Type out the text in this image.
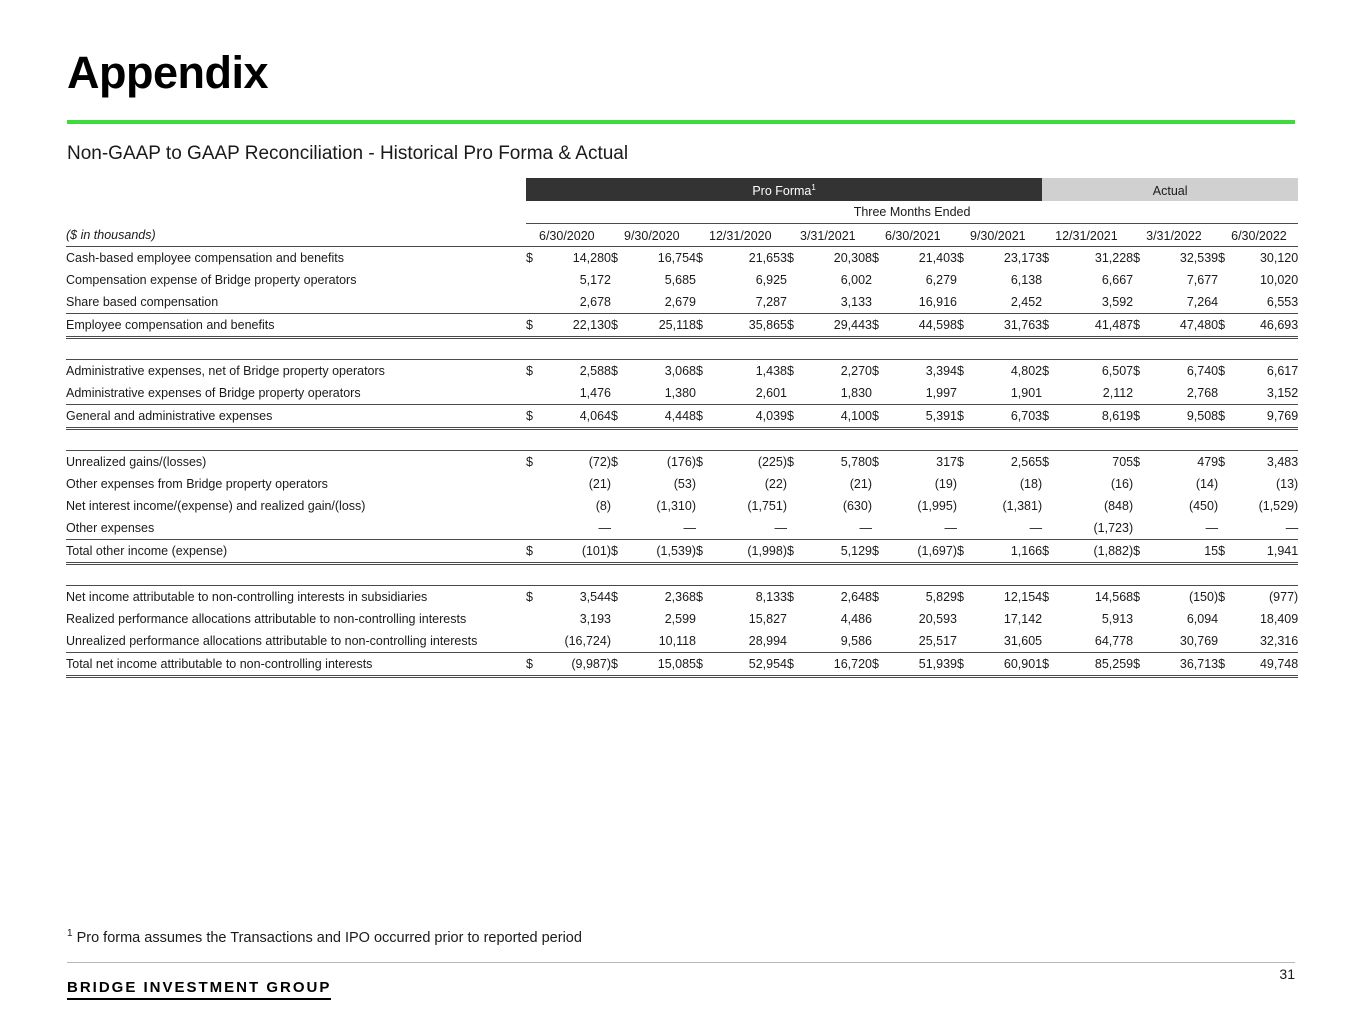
Appendix
Non-GAAP to GAAP Reconciliation - Historical Pro Forma & Actual
	Pro Forma$^1$												Actual					
	Three Months Ended																	
($ in thousands)		6/30/2020		9/30/2020		12/31/2020		3/31/2021		6/30/2021		9/30/2021		12/31/2021		3/31/2022		6/30/2022
Cash-based employee compensation and benefits	$	14,280	$	16,754	$	21,653	$	20,308	$	21,403	$	23,173	$	31,228	$	32,539	$	30,120
Compensation expense of Bridge property operators		5,172		5,685		6,925		6,002		6,279		6,138		6,667		7,677		10,020
Share based compensation		2,678		2,679		7,287		3,133		16,916		2,452		3,592		7,264		6,553
Employee compensation and benefits	$	22,130	$	25,118	$	35,865	$	29,443	$	44,598	$	31,763	$	41,487	$	47,480	$	46,693

Administrative expenses, net of Bridge property operators	$	2,588	$	3,068	$	1,438	$	2,270	$	3,394	$	4,802	$	6,507	$	6,740	$	6,617
Administrative expenses of Bridge property operators		1,476		1,380		2,601		1,830		1,997		1,901		2,112		2,768		3,152
General and administrative expenses	$	4,064	$	4,448	$	4,039	$	4,100	$	5,391	$	6,703	$	8,619	$	9,508	$	9,769

Unrealized gains/(losses)	$	(72)	$	(176)	$	(225)	$	5,780	$	317	$	2,565	$	705	$	479	$	3,483
Other expenses from Bridge property operators		(21)		(53)		(22)		(21)		(19)		(18)		(16)		(14)		(13)
Net interest income/(expense) and realized gain/(loss)		(8)		(1,310)		(1,751)		(630)		(1,995)		(1,381)		(848)		(450)		(1,529)
Other expenses		—		—		—		—		—		—		(1,723)		—		—
Total other income (expense)	$	(101)	$	(1,539)	$	(1,998)	$	5,129	$	(1,697)	$	1,166	$	(1,882)	$	15	$	1,941

Net income attributable to non-controlling interests in subsidiaries	$	3,544	$	2,368	$	8,133	$	2,648	$	5,829	$	12,154	$	14,568	$	(150)	$	(977)
Realized performance allocations attributable to non-controlling interests		3,193		2,599		15,827		4,486		20,593		17,142		5,913		6,094		18,409
Unrealized performance allocations attributable to non-controlling interests		(16,724)		10,118		28,994		9,586		25,517		31,605		64,778		30,769		32,316
Total net income attributable to non-controlling interests	$	(9,987)	$	15,085	$	52,954	$	16,720	$	51,939	$	60,901	$	85,259	$	36,713	$	49,748
$^1$ Pro forma assumes the Transactions and IPO occurred prior to reported period
BRIDGE INVESTMENT GROUP
31
